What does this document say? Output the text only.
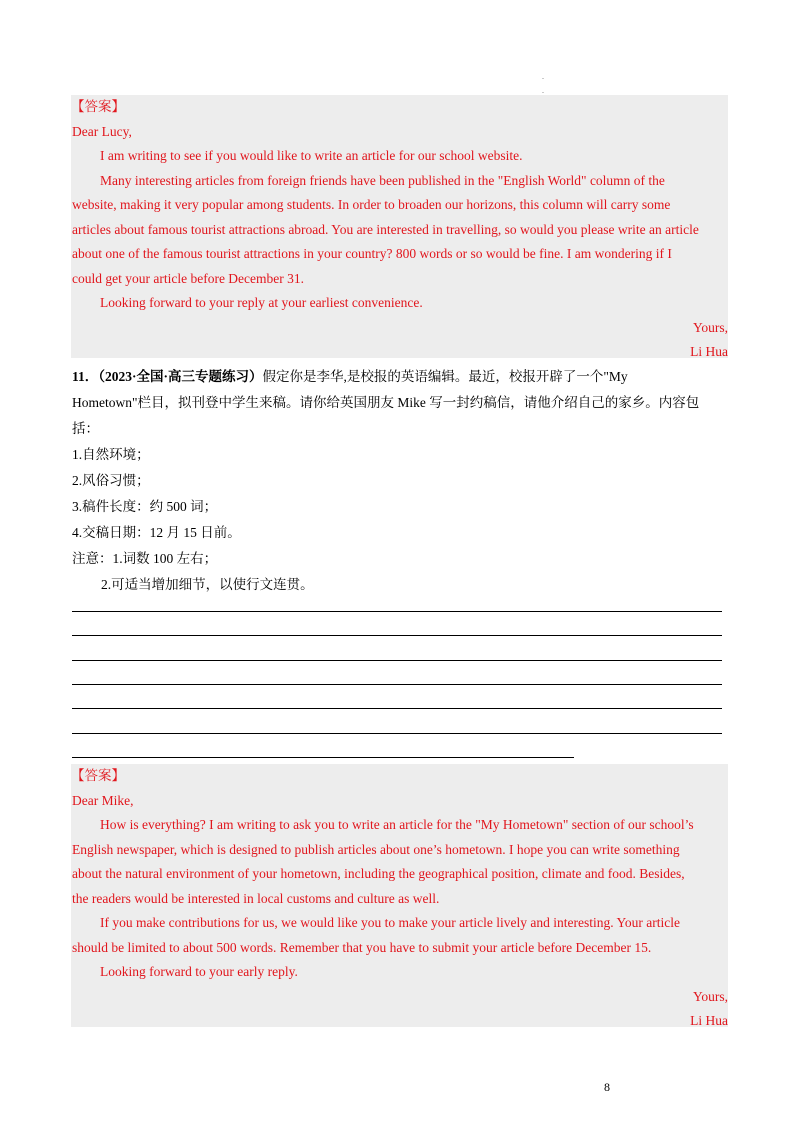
.
.
【答案】
Dear Lucy,
I am writing to see if you would like to write an article for our school website.
Many interesting articles from foreign friends have been published in the "English World" column of the
website, making it very popular among students. In order to broaden our horizons, this column will carry some
articles about famous tourist attractions abroad. You are interested in travelling, so would you please write an article
about one of the famous tourist attractions in your country? 800 words or so would be fine. I am wondering if I
could get your article before December 31.
Looking forward to your reply at your earliest convenience.
Yours,
Li Hua
11．（2023·全国·高三专题练习）假定你是李华,是校报的英语编辑。最近，校报开辟了一个"My
Hometown"栏目，拟刊登中学生来稿。请你给英国朋友 Mike 写一封约稿信，请他介绍自己的家乡。内容包
括：
1.自然环境；
2.风俗习惯；
3.稿件长度：约 500 词；
4.交稿日期：12 月 15 日前。
注意：1.词数 100 左右；
2.可适当增加细节，以使行文连贯。
【答案】
Dear Mike,
How is everything? I am writing to ask you to write an article for the "My Hometown" section of our school’s
English newspaper, which is designed to publish articles about one’s hometown. I hope you can write something
about the natural environment of your hometown, including the geographical position, climate and food. Besides,
the readers would be interested in local customs and culture as well.
If you make contributions for us, we would like you to make your article lively and interesting. Your article
should be limited to about 500 words. Remember that you have to submit your article before December 15.
Looking forward to your early reply.
Yours,
Li Hua
8
